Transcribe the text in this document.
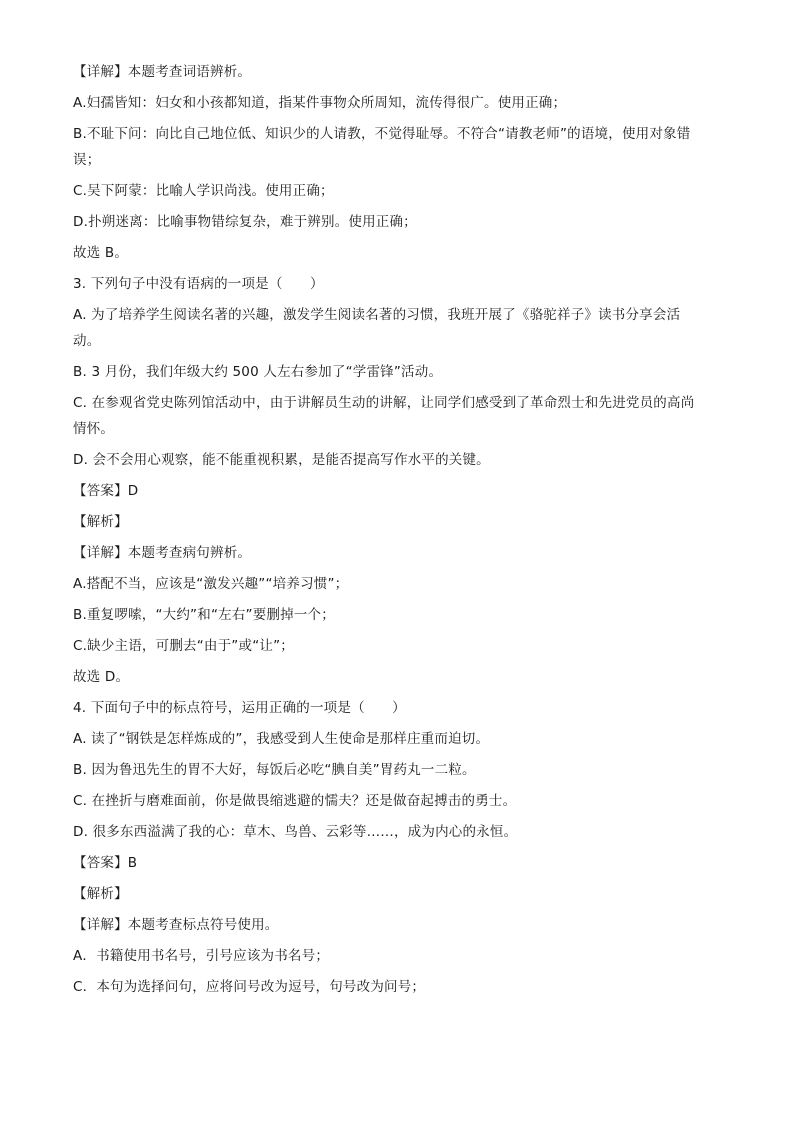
【详解】本题考查词语辨析。

A.妇孺皆知：妇女和小孩都知道，指某件事物众所周知，流传得很广。使用正确；

B.不耻下问：向比自己地位低、知识少的人请教，不觉得耻辱。不符合“请教老师”的语境，使用对象错

误；

C.吴下阿蒙：比喻人学识尚浅。使用正确；

D.扑朔迷离：比喻事物错综复杂，难于辨别。使用正确；

故选 B。

3. 下列句子中没有语病的一项是（　　）

A. 为了培养学生阅读名著的兴趣，激发学生阅读名著的习惯，我班开展了《骆驼祥子》读书分享会活

动。

B. 3 月份，我们年级大约 500 人左右参加了“学雷锋”活动。

C. 在参观省党史陈列馆活动中，由于讲解员生动的讲解，让同学们感受到了革命烈士和先进党员的高尚

情怀。

D. 会不会用心观察，能不能重视积累，是能否提高写作水平的关键。

【答案】D

【解析】

【详解】本题考查病句辨析。

A.搭配不当，应该是“激发兴趣”“培养习惯”；

B.重复啰嗦，“大约”和“左右”要删掉一个；

C.缺少主语，可删去“由于”或“让”；

故选 D。

4. 下面句子中的标点符号，运用正确的一项是（　　）

A. 读了“钢铁是怎样炼成的”，我感受到人生使命是那样庄重而迫切。

B. 因为鲁迅先生的胃不大好，每饭后必吃“腆自美”胃药丸一二粒。

C. 在挫折与磨难面前，你是做畏缩逃避的懦夫？还是做奋起搏击的勇士。

D. 很多东西溢满了我的心：草木、鸟兽、云彩等……，成为内心的永恒。

【答案】B

【解析】

【详解】本题考查标点符号使用。

A．书籍使用书名号，引号应该为书名号；

C．本句为选择问句，应将问号改为逗号，句号改为问号；
